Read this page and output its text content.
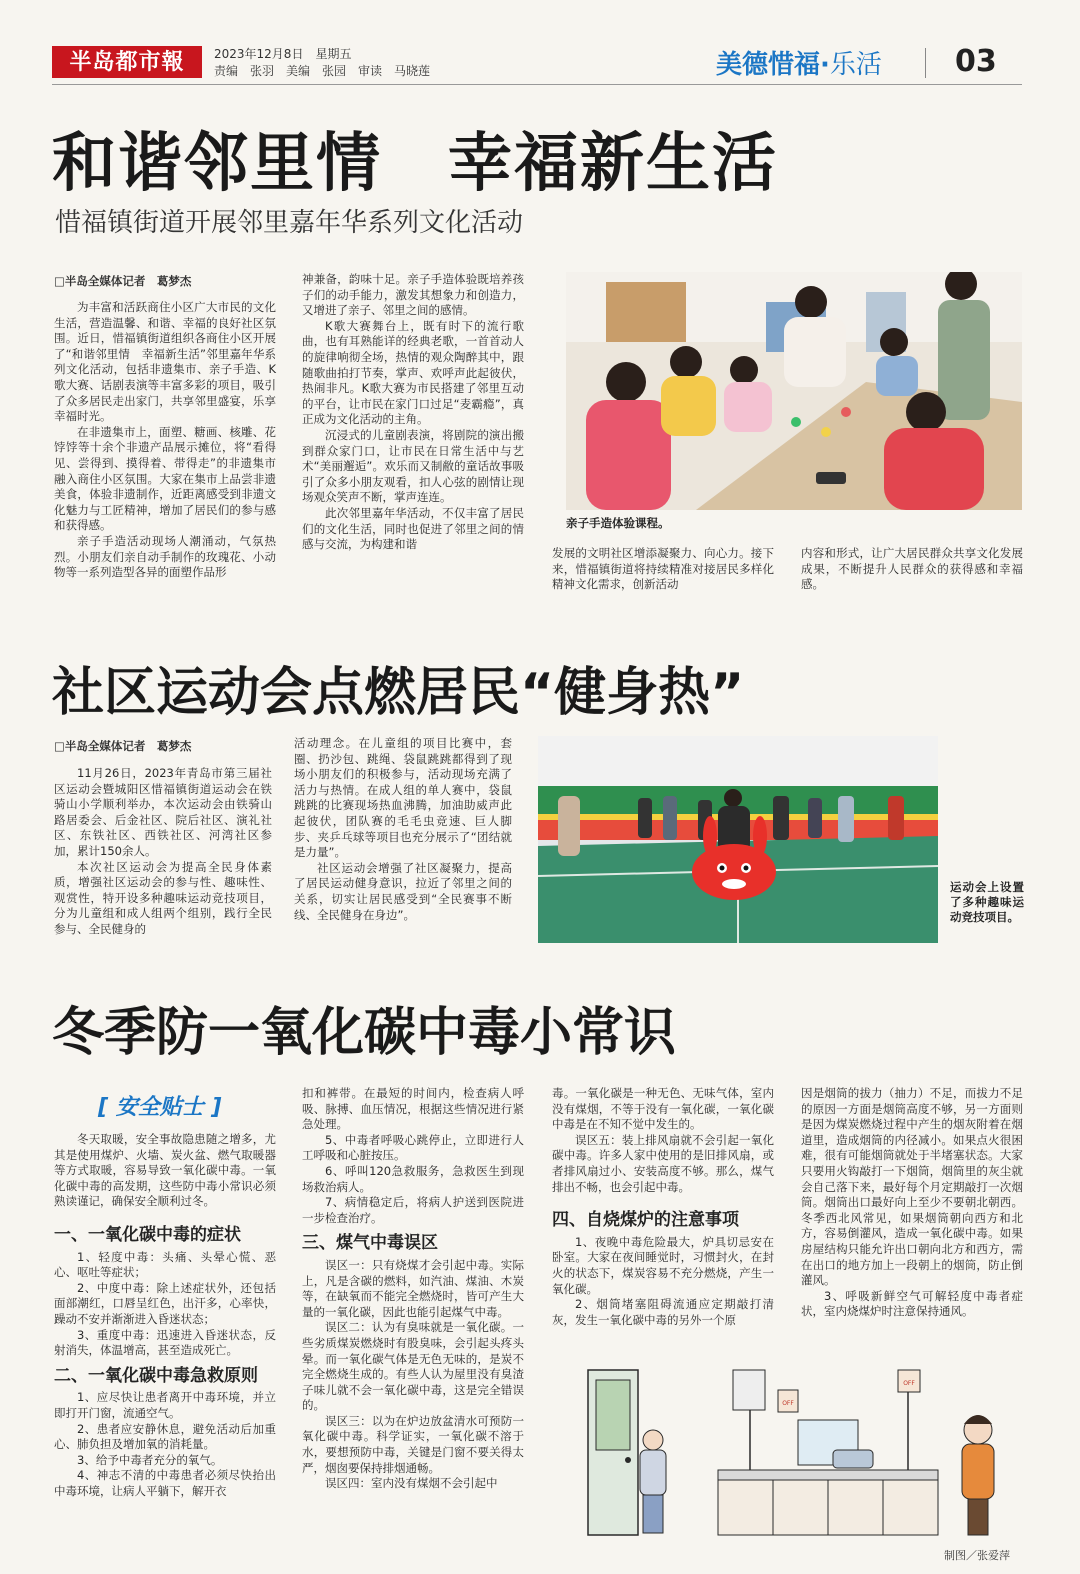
半岛都市報	2023年12月8日　星期五
责编　张羽　美编　张园　审读　马晓莲	美德惜福·乐活 03
和谐邻里情　幸福新生活
惜福镇街道开展邻里嘉年华系列文化活动
□半岛全媒体记者　葛梦杰

为丰富和活跃商住小区广大市民的文化生活，营造温馨、和谐、幸福的良好社区氛围。近日，惜福镇街道组织各商住小区开展了“和谐邻里情　幸福新生活”邻里嘉年华系列文化活动，包括非遗集市、亲子手造、K歌大赛、话剧表演等丰富多彩的项目，吸引了众多居民走出家门，共享邻里盛宴，乐享幸福时光。

在非遗集市上，面塑、糖画、核雕、花饽饽等十余个非遗产品展示摊位，将“看得见、尝得到、摸得着、带得走”的非遗集市融入商住小区氛围。大家在集市上品尝非遗美食，体验非遗制作，近距离感受到非遗文化魅力与工匠精神，增加了居民们的参与感和获得感。

亲子手造活动现场人潮涌动，气氛热烈。小朋友们亲自动手制作的玫瑰花、小动物等一系列造型各异的面塑作品形

神兼备，韵味十足。亲子手造体验既培养孩子们的动手能力，激发其想象力和创造力，又增进了亲子、邻里之间的感情。

K歌大赛舞台上，既有时下的流行歌曲，也有耳熟能详的经典老歌，一首首动人的旋律响彻全场，热情的观众陶醉其中，跟随歌曲拍打节奏，掌声、欢呼声此起彼伏，热闹非凡。K歌大赛为市民搭建了邻里互动的平台，让市民在家门口过足“麦霸瘾”，真正成为文化活动的主角。

沉浸式的儿童剧表演，将剧院的演出搬到群众家门口，让市民在日常生活中与艺术“美丽邂逅”。欢乐而又制敝的童话故事吸引了众多小朋友观看，扣人心弦的剧情让现场观众笑声不断，掌声连连。

此次邻里嘉年华活动，不仅丰富了居民们的文化生活，同时也促进了邻里之间的情感与交流，为构建和谐

亲子手造体验课程。

发展的文明社区增添凝聚力、向心力。接下来，惜福镇街道将持续精准对接居民多样化精神文化需求，创新活动

内容和形式，让广大居民群众共享文化发展成果，不断提升人民群众的获得感和幸福感。

社区运动会点燃居民“健身热”
□半岛全媒体记者　葛梦杰

11月26日，2023年青岛市第三届社区运动会暨城阳区惜福镇街道运动会在铁骑山小学顺利举办，本次运动会由铁骑山路居委会、后金社区、院后社区、演礼社区、东铁社区、西铁社区、河湾社区参加，累计150余人。

本次社区运动会为提高全民身体素质，增强社区运动会的参与性、趣味性、观赏性，特开设多种趣味运动竞技项目，分为儿童组和成人组两个组别，践行全民参与、全民健身的

活动理念。在儿童组的项目比赛中，套圈、扔沙包、跳绳、袋鼠跳跳都得到了现场小朋友们的积极参与，活动现场充满了活力与热情。在成人组的单人赛中，袋鼠跳跳的比赛现场热血沸腾，加油助威声此起彼伏，团队赛的毛毛虫竞速、巨人脚步、夹乒乓球等项目也充分展示了“团结就是力量”。

社区运动会增强了社区凝聚力，提高了居民运动健身意识，拉近了邻里之间的关系，切实让居民感受到“全民赛事不断线、全民健身在身边”。

运动会上设置了多种趣味运动竞技项目。
冬季防一氧化碳中毒小常识
[ 安全贴士 ]

冬天取暖，安全事故隐患随之增多，尤其是使用煤炉、火墙、炭火盆、燃气取暖器等方式取暖，容易导致一氧化碳中毒。一氧化碳中毒的高发期，这些防中毒小常识必须熟读谨记，确保安全顺利过冬。

一、一氧化碳中毒的症状

1、轻度中毒：头痛、头晕心慌、恶心、呕吐等症状；

2、中度中毒：除上述症状外，还包括面部潮红，口唇呈红色，出汗多，心率快，躁动不安并渐渐进入昏迷状态；

3、重度中毒：迅速进入昏迷状态，反射消失，体温增高，甚至造成死亡。

二、一氧化碳中毒急救原则

1、应尽快让患者离开中毒环境，并立即打开门窗，流通空气。

2、患者应安静休息，避免活动后加重心、肺负担及增加氧的消耗量。

3、给予中毒者充分的氧气。

4、神志不清的中毒患者必须尽快抬出中毒环境，让病人平躺下，解开衣

扣和裤带。在最短的时间内，检查病人呼吸、脉搏、血压情况，根据这些情况进行紧急处理。

5、中毒者呼吸心跳停止，立即进行人工呼吸和心脏按压。

6、呼叫120急救服务，急救医生到现场救治病人。

7、病情稳定后，将病人护送到医院进一步检查治疗。

三、煤气中毒误区

误区一：只有烧煤才会引起中毒。实际上，凡是含碳的燃料，如汽油、煤油、木炭等，在缺氧而不能完全燃烧时，皆可产生大量的一氧化碳，因此也能引起煤气中毒。

误区二：认为有臭味就是一氧化碳。一些劣质煤炭燃烧时有股臭味，会引起头疼头晕。而一氧化碳气体是无色无味的，是炭不完全燃烧生成的。有些人认为屋里没有臭渣子味儿就不会一氧化碳中毒，这是完全错误的。

误区三：以为在炉边放盆清水可预防一氧化碳中毒。科学证实，一氧化碳不溶于水，要想预防中毒，关键是门窗不要关得太严，烟囱要保持排烟通畅。

误区四：室内没有煤烟不会引起中

毒。一氧化碳是一种无色、无味气体，室内没有煤烟，不等于没有一氧化碳，一氧化碳中毒是在不知不觉中发生的。

误区五：装上排风扇就不会引起一氧化碳中毒。许多人家中使用的是旧排风扇，或者排风扇过小、安装高度不够。那么，煤气排出不畅，也会引起中毒。

四、自烧煤炉的注意事项

1、夜晚中毒危险最大，炉具切忌安在卧室。大家在夜间睡觉时，习惯封火，在封火的状态下，煤炭容易不充分燃烧，产生一氧化碳。

2、烟筒堵塞阻碍流通应定期敲打清灰，发生一氧化碳中毒的另外一个原

因是烟筒的拔力（抽力）不足，而拔力不足的原因一方面是烟筒高度不够，另一方面则是因为煤炭燃烧过程中产生的烟灰附着在烟道里，造成烟筒的内径减小。如果点火很困难，很有可能烟筒就处于半堵塞状态。大家只要用火钩敲打一下烟筒，烟筒里的灰尘就会自己落下来，最好每个月定期敲打一次烟筒。烟筒出口最好向上至少不要朝北朝西。冬季西北风常见，如果烟筒朝向西方和北方，容易倒灌风，造成一氧化碳中毒。如果房屋结构只能允许出口朝向北方和西方，需在出口的地方加上一段朝上的烟筒，防止倒灌风。

3、呼吸新鲜空气可解轻度中毒者症状，室内烧煤炉时注意保持通风。

OFF
OFF
制图／张爱萍
